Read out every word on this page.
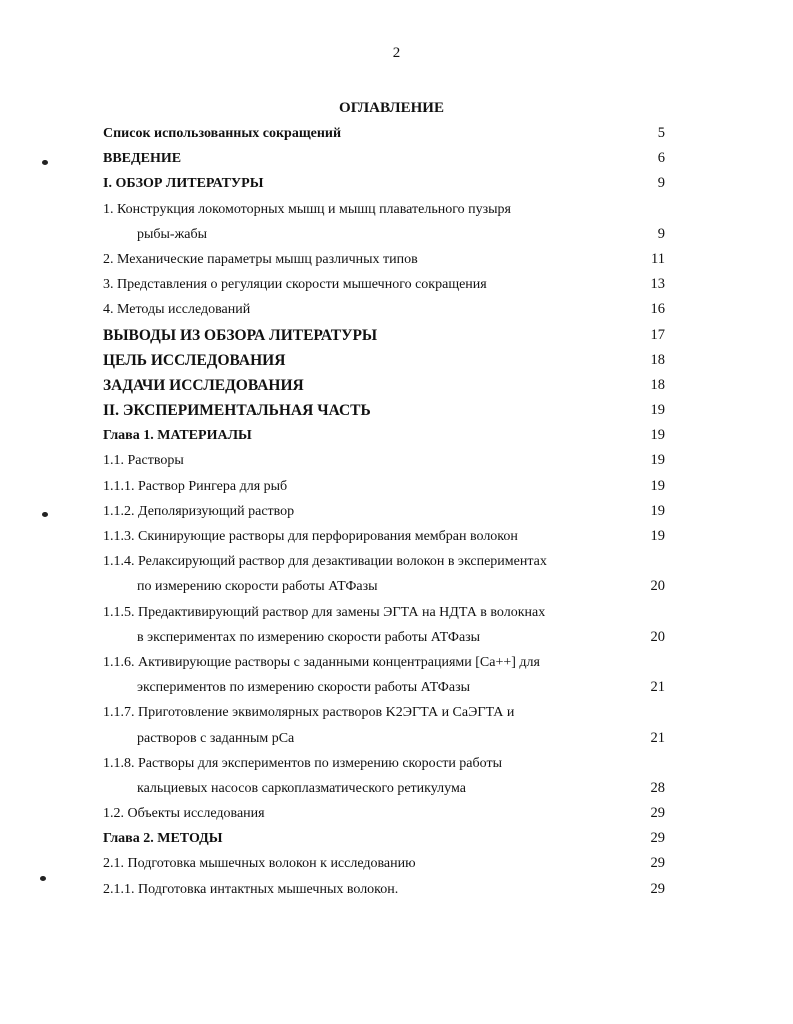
2
ОГЛАВЛЕНИЕ
Список использованных сокращений	5
ВВЕДЕНИЕ	6
I. ОБЗОР ЛИТЕРАТУРЫ	9
1. Конструкция локомоторных мышц и мышц плавательного пузыря
рыбы-жабы	9
2. Механические параметры мышц различных типов	11
3. Представления о регуляции скорости мышечного сокращения	13
4. Методы исследований	16
ВЫВОДЫ ИЗ ОБЗОРА ЛИТЕРАТУРЫ	17
ЦЕЛЬ ИССЛЕДОВАНИЯ	18
ЗАДАЧИ ИССЛЕДОВАНИЯ	18
II. ЭКСПЕРИМЕНТАЛЬНАЯ ЧАСТЬ	19
Глава 1. МАТЕРИАЛЫ	19
1.1. Растворы	19
1.1.1. Раствор Рингера для рыб	19
1.1.2. Деполяризующий раствор	19
1.1.3. Скинирующие растворы для перфорирования мембран волокон	19
1.1.4. Релаксирующий раствор для дезактивации волокон в экспериментах
по измерению скорости работы АТФазы	20
1.1.5. Предактивирующий раствор для замены ЭГТА на НДТА в волокнах
в экспериментах по измерению скорости работы АТФазы	20
1.1.6. Активирующие растворы с заданными концентрациями [Ca++] для
экспериментов по измерению скорости работы АТФазы	21
1.1.7. Приготовление эквимолярных растворов K2ЭГТА и CaЭГТА и
растворов с заданным pCa	21
1.1.8. Растворы для экспериментов по измерению скорости работы
кальциевых насосов саркоплазматического ретикулума	28
1.2. Объекты исследования	29
Глава 2. МЕТОДЫ	29
2.1. Подготовка мышечных волокон к исследованию	29
2.1.1. Подготовка интактных мышечных волокон.	29
